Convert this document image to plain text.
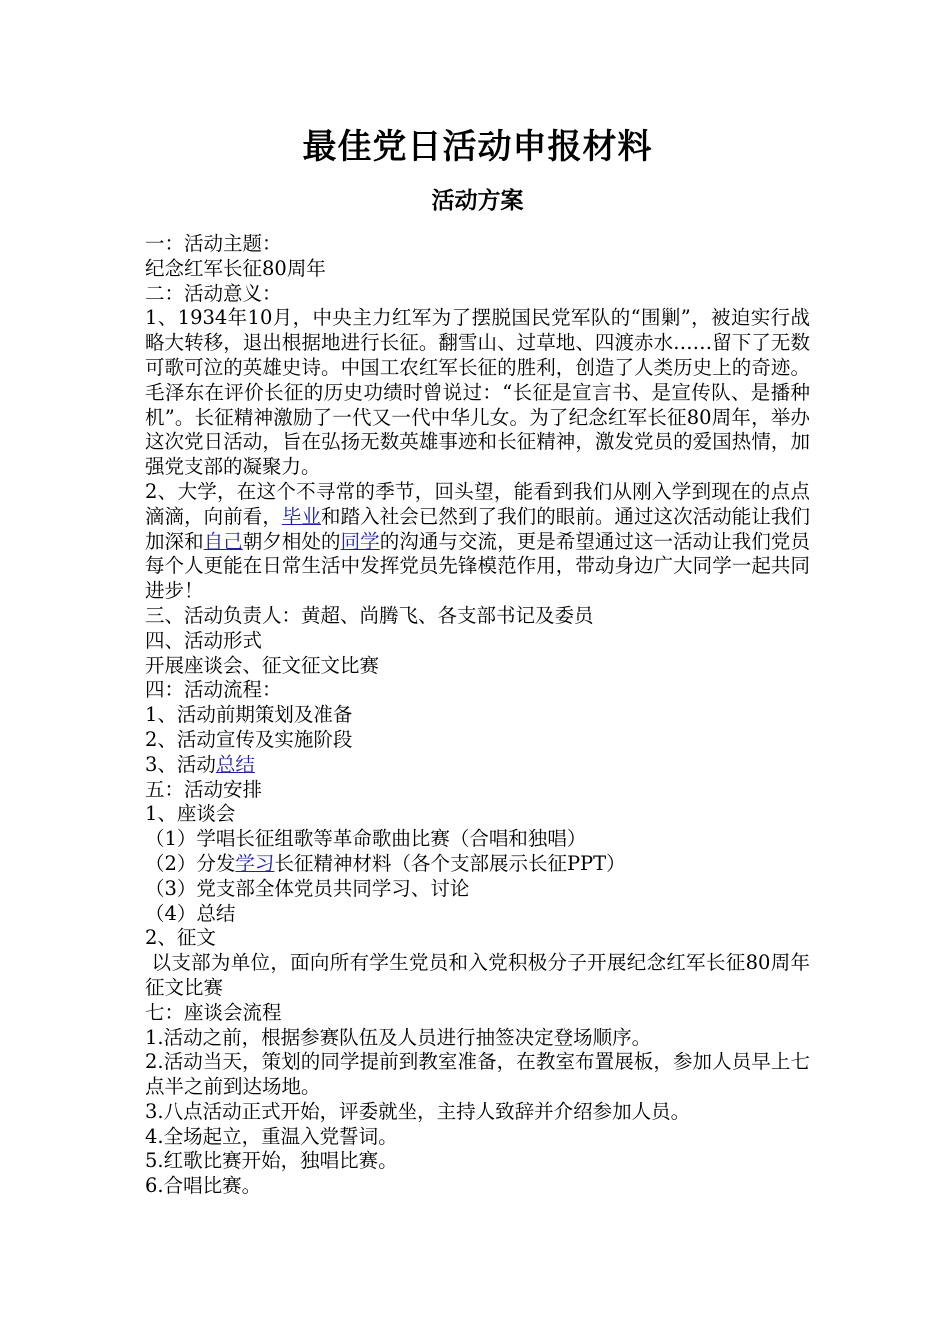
最佳党日活动申报材料
活动方案
一：活动主题：
纪念红军长征80周年
二：活动意义：
1、1934年10月，中央主力红军为了摆脱国民党军队的“围剿”，被迫实行战略大转移，退出根据地进行长征。翻雪山、过草地、四渡赤水……留下了无数可歌可泣的英雄史诗。中国工农红军长征的胜利，创造了人类历史上的奇迹。毛泽东在评价长征的历史功绩时曾说过：“长征是宣言书、是宣传队、是播种机”。长征精神激励了一代又一代中华儿女。为了纪念红军长征80周年，举办这次党日活动，旨在弘扬无数英雄事迹和长征精神，激发党员的爱国热情，加强党支部的凝聚力。
2、大学，在这个不寻常的季节，回头望，能看到我们从刚入学到现在的点点滴滴，向前看，毕业和踏入社会已然到了我们的眼前。通过这次活动能让我们加深和自己朝夕相处的同学的沟通与交流，更是希望通过这一活动让我们党员每个人更能在日常生活中发挥党员先锋模范作用，带动身边广大同学一起共同进步！
三、活动负责人：黄超、尚腾飞、各支部书记及委员
四、活动形式
开展座谈会、征文征文比赛
四：活动流程：
1、活动前期策划及准备
2、活动宣传及实施阶段
3、活动总结
五：活动安排
1、座谈会
（1）学唱长征组歌等革命歌曲比赛（合唱和独唱）
（2）分发学习长征精神材料（各个支部展示长征PPT）
（3）党支部全体党员共同学习、讨论
（4）总结
2、征文
以支部为单位，面向所有学生党员和入党积极分子开展纪念红军长征80周年征文比赛
七：座谈会流程
1.活动之前，根据参赛队伍及人员进行抽签决定登场顺序。
2.活动当天，策划的同学提前到教室准备，在教室布置展板，参加人员早上七点半之前到达场地。
3.八点活动正式开始，评委就坐，主持人致辞并介绍参加人员。
4.全场起立，重温入党誓词。
5.红歌比赛开始，独唱比赛。
6.合唱比赛。
